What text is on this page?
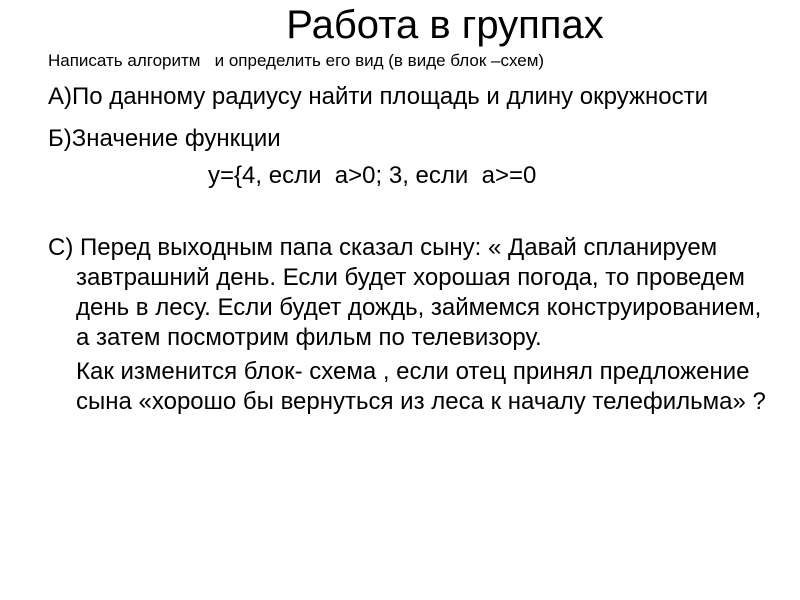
Работа в группах
Написать алгоритм   и определить его вид (в виде блок –схем)

А)По данному радиусу найти площадь и длину окружности

Б)Значение функции

у={4, если  а>0; 3, если  а>=0

С) Перед выходным папа сказал сыну: « Давай спланируем завтрашний день. Если будет хорошая погода, то проведем день в лесу. Если будет дождь, займемся конструированием, а затем посмотрим фильм по телевизору.

Как изменится блок- схема , если отец принял предложение сына «хорошо бы вернуться из леса к началу телефильма» ?
